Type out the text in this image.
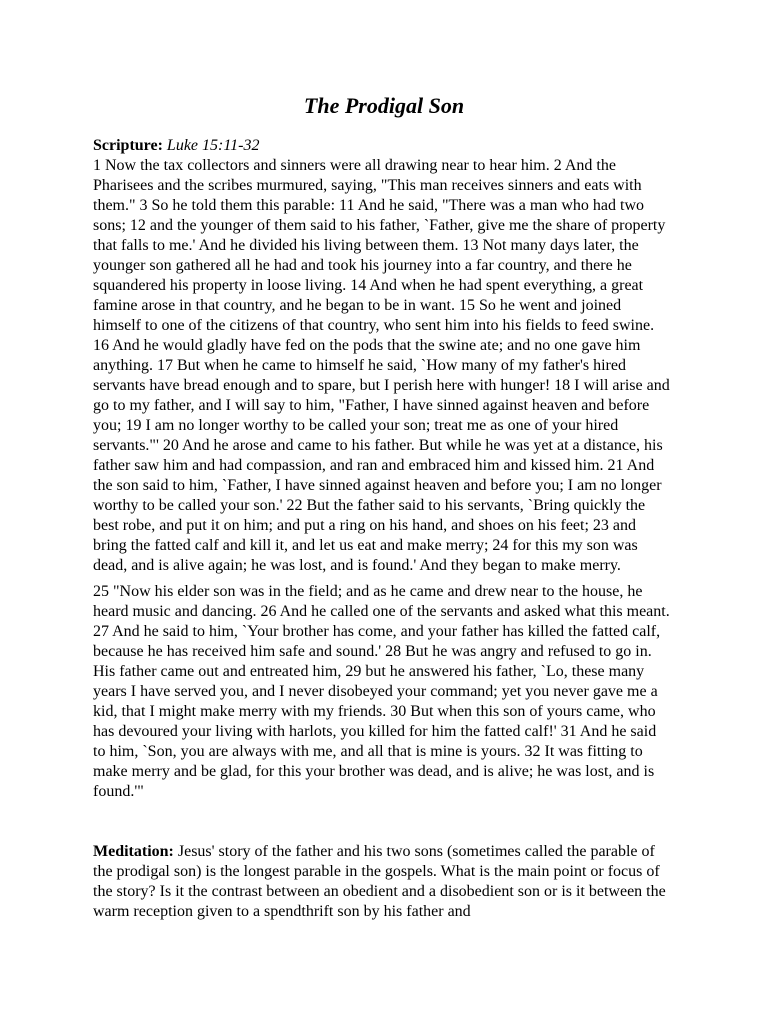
The Prodigal Son
Scripture: Luke 15:11-32

1 Now the tax collectors and sinners were all drawing near to hear him. 2 And the Pharisees and the scribes murmured, saying, "This man receives sinners and eats with them." 3 So he told them this parable: 11 And he said, "There was a man who had two sons; 12 and the younger of them said to his father, `Father, give me the share of property that falls to me.' And he divided his living between them. 13 Not many days later, the younger son gathered all he had and took his journey into a far country, and there he squandered his property in loose living. 14 And when he had spent everything, a great famine arose in that country, and he began to be in want. 15 So he went and joined himself to one of the citizens of that country, who sent him into his fields to feed swine. 16 And he would gladly have fed on the pods that the swine ate; and no one gave him anything. 17 But when he came to himself he said, `How many of my father's hired servants have bread enough and to spare, but I perish here with hunger! 18 I will arise and go to my father, and I will say to him, "Father, I have sinned against heaven and before you; 19 I am no longer worthy to be called your son; treat me as one of your hired servants."' 20 And he arose and came to his father. But while he was yet at a distance, his father saw him and had compassion, and ran and embraced him and kissed him. 21 And the son said to him, `Father, I have sinned against heaven and before you; I am no longer worthy to be called your son.' 22 But the father said to his servants, `Bring quickly the best robe, and put it on him; and put a ring on his hand, and shoes on his feet; 23 and bring the fatted calf and kill it, and let us eat and make merry; 24 for this my son was dead, and is alive again; he was lost, and is found.' And they began to make merry.

25 "Now his elder son was in the field; and as he came and drew near to the house, he heard music and dancing. 26 And he called one of the servants and asked what this meant. 27 And he said to him, `Your brother has come, and your father has killed the fatted calf, because he has received him safe and sound.' 28 But he was angry and refused to go in. His father came out and entreated him, 29 but he answered his father, `Lo, these many years I have served you, and I never disobeyed your command; yet you never gave me a kid, that I might make merry with my friends. 30 But when this son of yours came, who has devoured your living with harlots, you killed for him the fatted calf!' 31 And he said to him, `Son, you are always with me, and all that is mine is yours. 32 It was fitting to make merry and be glad, for this your brother was dead, and is alive; he was lost, and is found.'"

Meditation: Jesus' story of the father and his two sons (sometimes called the parable of the prodigal son) is the longest parable in the gospels. What is the main point or focus of the story? Is it the contrast between an obedient and a disobedient son or is it between the warm reception given to a spendthrift son by his father and
